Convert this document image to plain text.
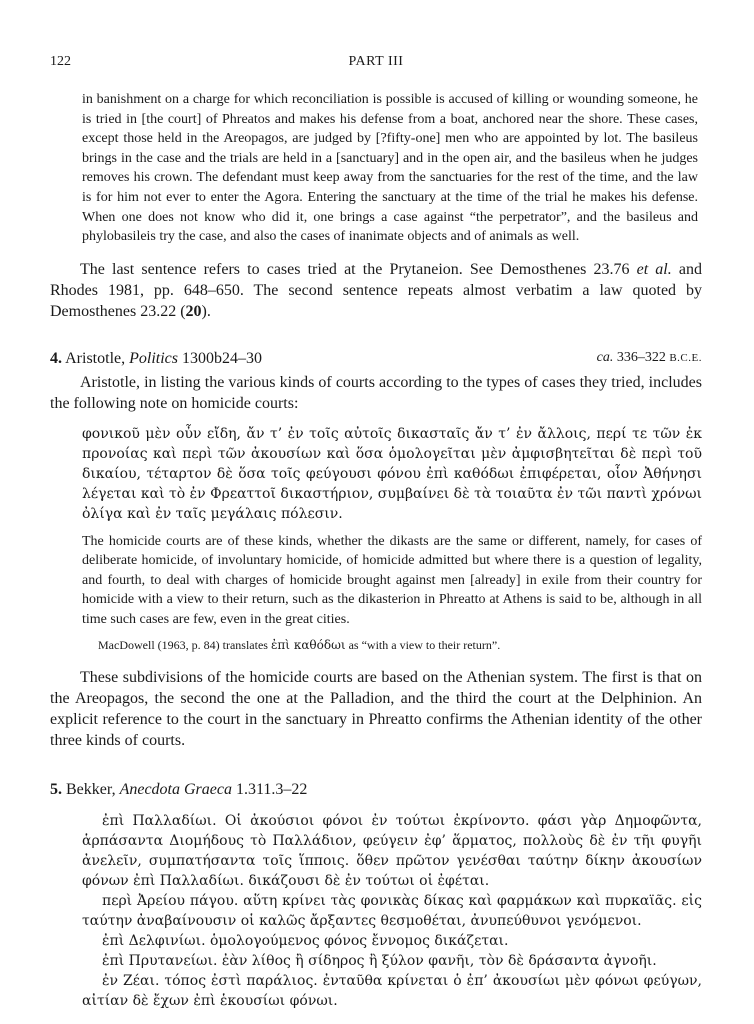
122	PART III
in banishment on a charge for which reconciliation is possible is accused of killing or wounding someone, he is tried in [the court] of Phreatos and makes his defense from a boat, anchored near the shore. These cases, except those held in the Areopagos, are judged by [?fifty-one] men who are appointed by lot. The basileus brings in the case and the trials are held in a [sanctuary] and in the open air, and the basileus when he judges removes his crown. The defendant must keep away from the sanctuaries for the rest of the time, and the law is for him not ever to enter the Agora. Entering the sanctuary at the time of the trial he makes his defense. When one does not know who did it, one brings a case against “the perpetrator”, and the basileus and phylobasileis try the case, and also the cases of inanimate objects and of animals as well.

The last sentence refers to cases tried at the Prytaneion. See Demosthenes 23.76 et al. and Rhodes 1981, pp. 648–650. The second sentence repeats almost verbatim a law quoted by Demosthenes 23.22 (20).

4. Aristotle, Politics 1300b24–30	ca. 336–322 B.C.E.

Aristotle, in listing the various kinds of courts according to the types of cases they tried, includes the following note on homicide courts:

φονικοῦ μὲν οὖν εἴδη, ἄν τ’ ἐν τοῖς αὐτοῖς δικασταῖς ἄν τ’ ἐν ἄλλοις, περί τε τῶν ἐκ προνοίας καὶ περὶ τῶν ἀκουσίων καὶ ὅσα ὁμολογεῖται μὲν ἀμφισβητεῖται δὲ περὶ τοῦ δικαίου, τέταρτον δὲ ὅσα τοῖς φεύγουσι φόνου ἐπὶ καθόδωι ἐπιφέρεται, οἷον Ἀθήνησι λέγεται καὶ τὸ ἐν Φρεαττοῖ δικαστήριον, συμβαίνει δὲ τὰ τοιαῦτα ἐν τῶι παντὶ χρόνωι ὀλίγα καὶ ἐν ταῖς μεγάλαις πόλεσιν.

The homicide courts are of these kinds, whether the dikasts are the same or different, namely, for cases of deliberate homicide, of involuntary homicide, of homicide admitted but where there is a question of legality, and fourth, to deal with charges of homicide brought against men [already] in exile from their country for homicide with a view to their return, such as the dikasterion in Phreatto at Athens is said to be, although in all time such cases are few, even in the great cities.
MacDowell (1963, p. 84) translates ἐπὶ καθόδωι as “with a view to their return”.

These subdivisions of the homicide courts are based on the Athenian system. The first is that on the Areopagos, the second the one at the Palladion, and the third the court at the Delphinion. An explicit reference to the court in the sanctuary in Phreatto confirms the Athenian identity of the other three kinds of courts.

5. Bekker, Anecdota Graeca 1.311.3–22

ἐπὶ Παλλαδίωι. Οἱ ἀκούσιοι φόνοι ἐν τούτωι ἐκρίνοντο. φάσι γὰρ Δημοφῶντα, ἁρπάσαντα Διομήδους τὸ Παλλάδιον, φεύγειν ἐφ’ ἅρματος, πολλοὺς δὲ ἐν τῆι φυγῆι ἀνελεῖν, συμπατήσαντα τοῖς ἵπποις. ὅθεν πρῶτον γενέσθαι ταύτην δίκην ἀκουσίων φόνων ἐπὶ Παλλαδίωι. δικάζουσι δὲ ἐν τούτωι οἱ ἐφέται.

περὶ Ἀρείου πάγου. αὕτη κρίνει τὰς φονικὰς δίκας καὶ φαρμάκων καὶ πυρκαϊᾶς. εἰς ταύτην ἀναβαίνουσιν οἱ καλῶς ἄρξαντες θεσμοθέται, ἀνυπεύθυνοι γενόμενοι.

ἐπὶ Δελφινίωι. ὁμολογούμενος φόνος ἔννομος δικάζεται.

ἐπὶ Πρυτανείωι. ἐὰν λίθος ἢ σίδηρος ἢ ξύλον φανῆι, τὸν δὲ δράσαντα ἀγνοῆι.

ἐν Ζέαι. τόπος ἐστὶ παράλιος. ἐνταῦθα κρίνεται ὁ ἐπ’ ἀκουσίωι μὲν φόνωι φεύγων, αἰτίαν δὲ ἔχων ἐπὶ ἑκουσίωι φόνωι.
